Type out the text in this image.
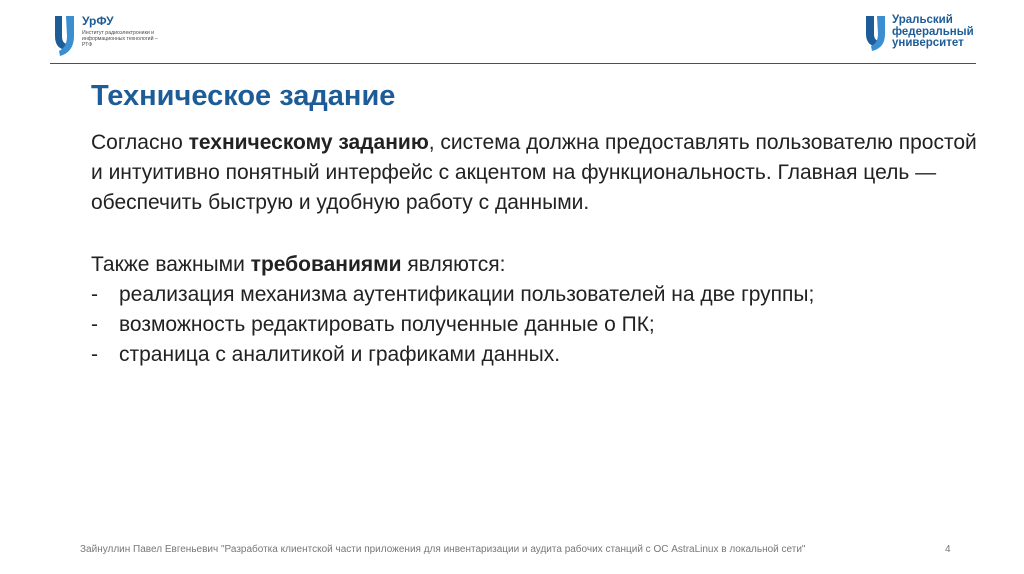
УрФУ
Институт радиоэлектроники и информационных технологий – РТФ
Уральский
федеральный
университет
Техническое задание

Согласно техническому заданию, система должна предоставлять пользователю простой и интуитивно понятный интерфейс с акцентом на функциональность. Главная цель — обеспечить быструю и удобную работу с данными.

Также важными требованиями являются:

-	реализация механизма аутентификации пользователей на две группы;
-	возможность редактировать полученные данные о ПК;
-	страница с аналитикой и графиками данных.
Зайнуллин Павел Евгеньевич "Разработка клиентской части приложения для инвентаризации и аудита рабочих станций с ОС AstraLinux в локальной сети"	4
